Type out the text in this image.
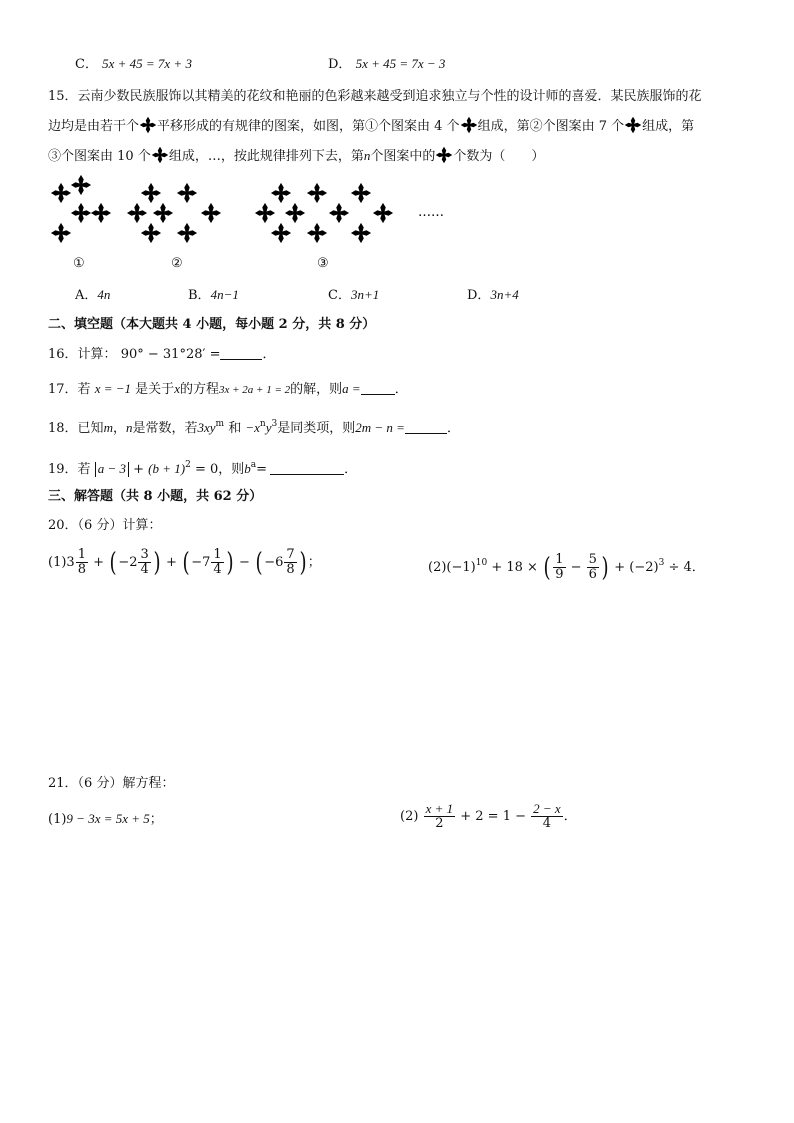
C． 5x + 45 = 7x + 3	D． 5x + 45 = 7x − 3
15．云南少数民族服饰以其精美的花纹和艳丽的色彩越来越受到追求独立与个性的设计师的喜爱．某民族服饰的花
边均是由若干个 平移形成的有规律的图案，如图，第①个图案由 4 个 组成，第②个图案由 7 个 组成，第
③个图案由 10 个 组成，…，按此规律排列下去，第n个图案中的 个数为（　　）
……
①	②	③
A．4n	B．4n−1	C．3n+1	D．3n+4
二、填空题（本大题共 4 小题，每小题 2 分，共 8 分）
16．计算： 90° − 31°28′ =	．
17．若 x = −1 是关于x的方程3x + 2a + 1 = 2的解，则a =	．
18．已知m，n是常数，若$3xy^m$ 和 $-x^ny^3$是同类项，则2m − n =	．
19．若 $a - 3 + (b + 1)^2 = 0$，则$b^a=$	．
三、解答题（共 8 小题，共 62 分）
20．（6 分）计算：
$(1)3 \frac{1}{8}$ + ( $-2 \frac{3}{4}$ ) + ( $-7 \frac{1}{4}$ ) − ( $-6 \frac{7}{8}$ ) ；	$(2)(-1)^{10} + 18$ × ( $\frac{1}{9} - \frac{5}{6}$ ) + $(-2)^3 \div 4$．
21．（6 分）解方程：
(1)9 − 3x = 5x + 5；	$(2) \frac{x + 1}{2} + 2 = 1 - \frac{2 - x}{4}$ ．
